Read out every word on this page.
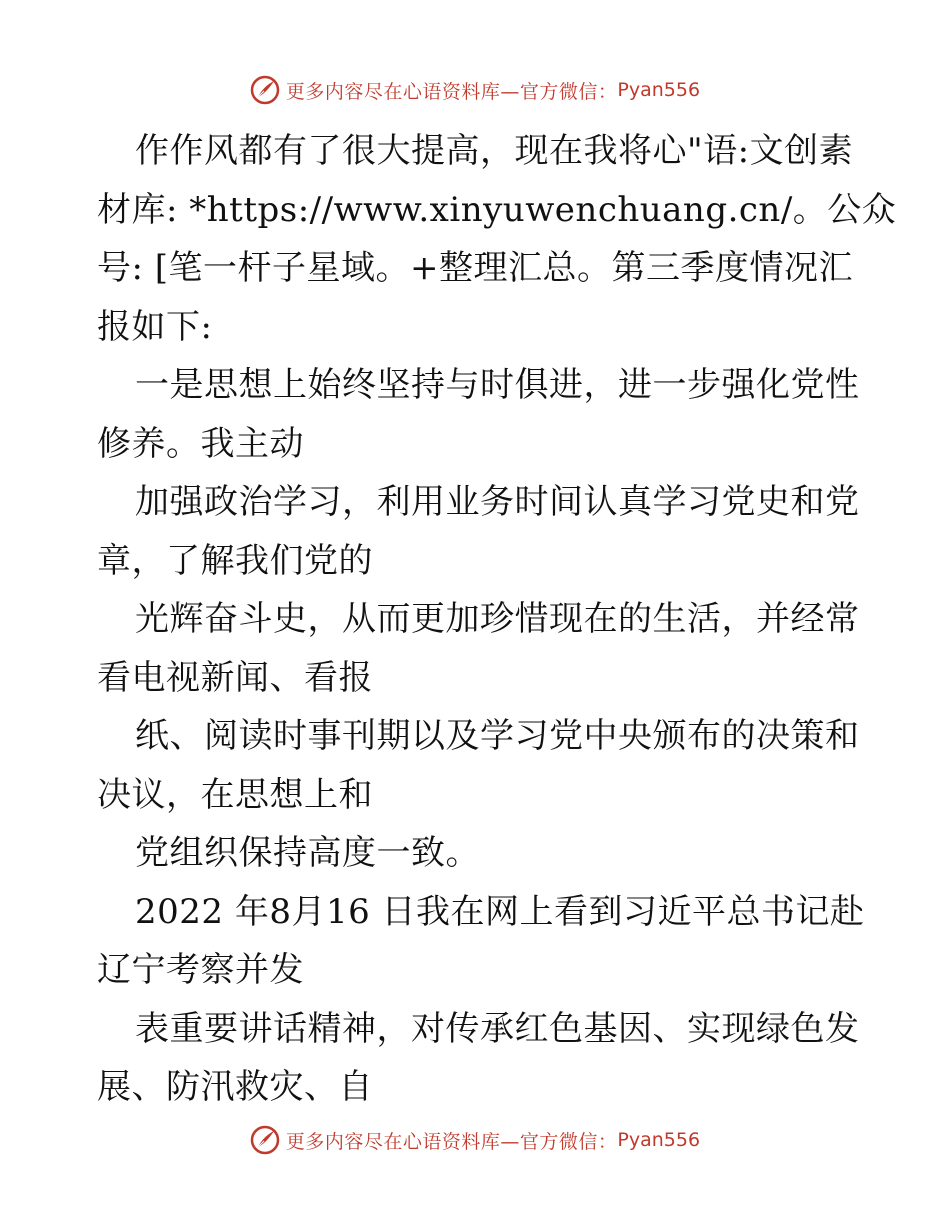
更多内容尽在心语资料库—官方微信： Pyan556
作作风都有了很大提高，现在我将心"语:文创素
材库: *https://www.xinyuwenchuang.cn/。公众
号: [笔一杆子星域。+整理汇总。第三季度情况汇
报如下:
一是思想上始终坚持与时俱进，进一步强化党性
修养。我主动
加强政治学习，利用业务时间认真学习党史和党
章，了解我们党的
光辉奋斗史，从而更加珍惜现在的生活，并经常
看电视新闻、看报
纸、阅读时事刊期以及学习党中央颁布的决策和
决议，在思想上和
党组织保持高度一致。
2022 年8月16 日我在网上看到习近平总书记赴
辽宁考察并发
表重要讲话精神，对传承红色基因、实现绿色发
展、防汛救灾、自
更多内容尽在心语资料库—官方微信： Pyan556
